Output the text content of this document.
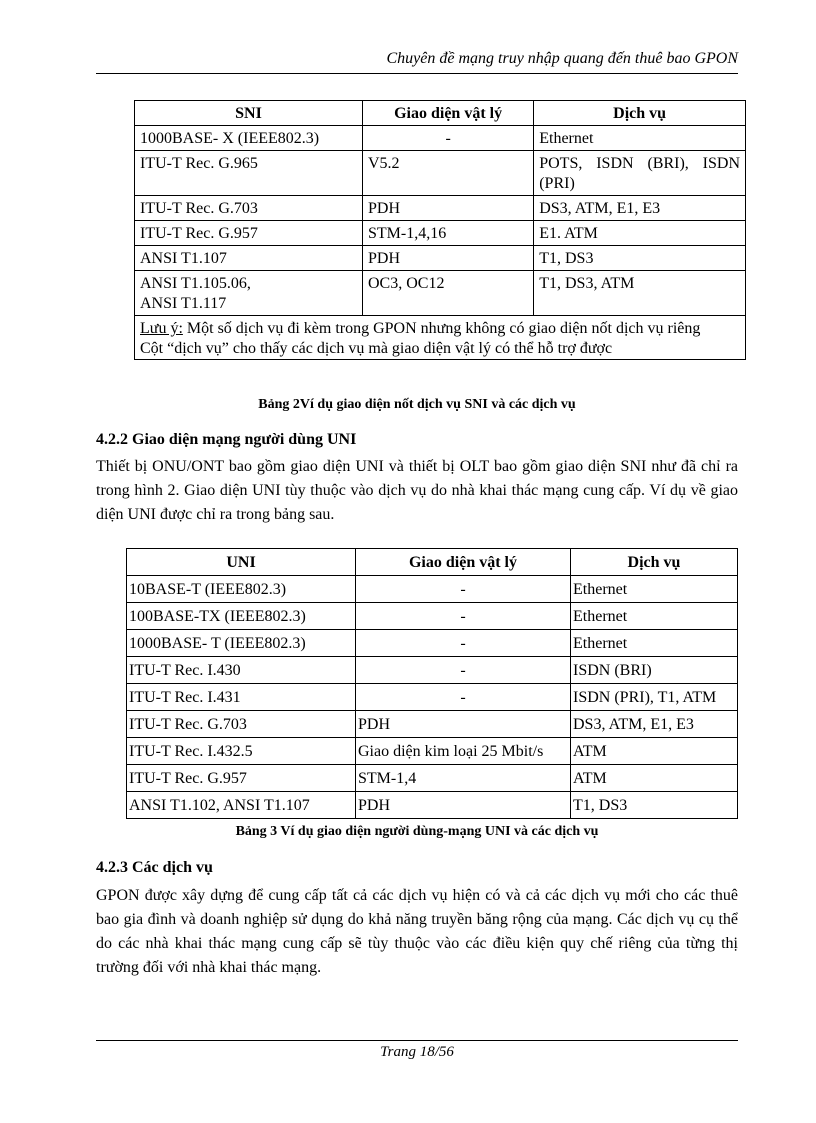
Chuyên đề mạng truy nhập quang đến thuê bao GPON
SNI	Giao diện vật lý	Dịch vụ
1000BASE- X (IEEE802.3)	-	Ethernet
ITU-T Rec. G.965	V5.2	POTS, ISDN (BRI), ISDN (PRI)
ITU-T Rec. G.703	PDH	DS3, ATM, E1, E3
ITU-T Rec. G.957	STM-1,4,16	E1. ATM
ANSI T1.107	PDH	T1, DS3

ANSI T1.105.06,
ANSI T1.117	OC3, OC12	T1, DS3, ATM

Lưu ý: Một số dịch vụ đi kèm trong GPON nhưng không có giao diện nốt dịch vụ riêng
Cột “dịch vụ” cho thấy các dịch vụ mà giao diện vật lý có thể hỗ trợ được		
Bảng 2Ví dụ giao diện nốt dịch vụ SNI và các dịch vụ
4.2.2 Giao diện mạng người dùng UNI

Thiết bị ONU/ONT bao gồm giao diện UNI và thiết bị OLT bao gồm giao diện SNI như đã chỉ ra trong hình 2. Giao diện UNI tùy thuộc vào dịch vụ do nhà khai thác mạng cung cấp. Ví dụ về giao diện UNI được chỉ ra trong bảng sau.

UNI	Giao diện vật lý	Dịch vụ
10BASE-T (IEEE802.3)	-	Ethernet
100BASE-TX (IEEE802.3)	-	Ethernet
1000BASE- T (IEEE802.3)	-	Ethernet
ITU-T Rec. I.430	-	ISDN (BRI)
ITU-T Rec. I.431	-	ISDN (PRI), T1, ATM
ITU-T Rec. G.703	PDH	DS3, ATM, E1, E3
ITU-T Rec. I.432.5	Giao diện kim loại 25 Mbit/s	ATM
ITU-T Rec. G.957	STM-1,4	ATM
ANSI T1.102, ANSI T1.107	PDH	T1, DS3
Bảng 3 Ví dụ giao diện người dùng-mạng UNI và các dịch vụ
4.2.3 Các dịch vụ

GPON được xây dựng để cung cấp tất cả các dịch vụ hiện có và cả các dịch vụ mới cho các thuê bao gia đình và doanh nghiệp sử dụng do khả năng truyền băng rộng của mạng. Các dịch vụ cụ thể do các nhà khai thác mạng cung cấp sẽ tùy thuộc vào các điều kiện quy chế riêng của từng thị trường đối với nhà khai thác mạng.

Trang 18/56
